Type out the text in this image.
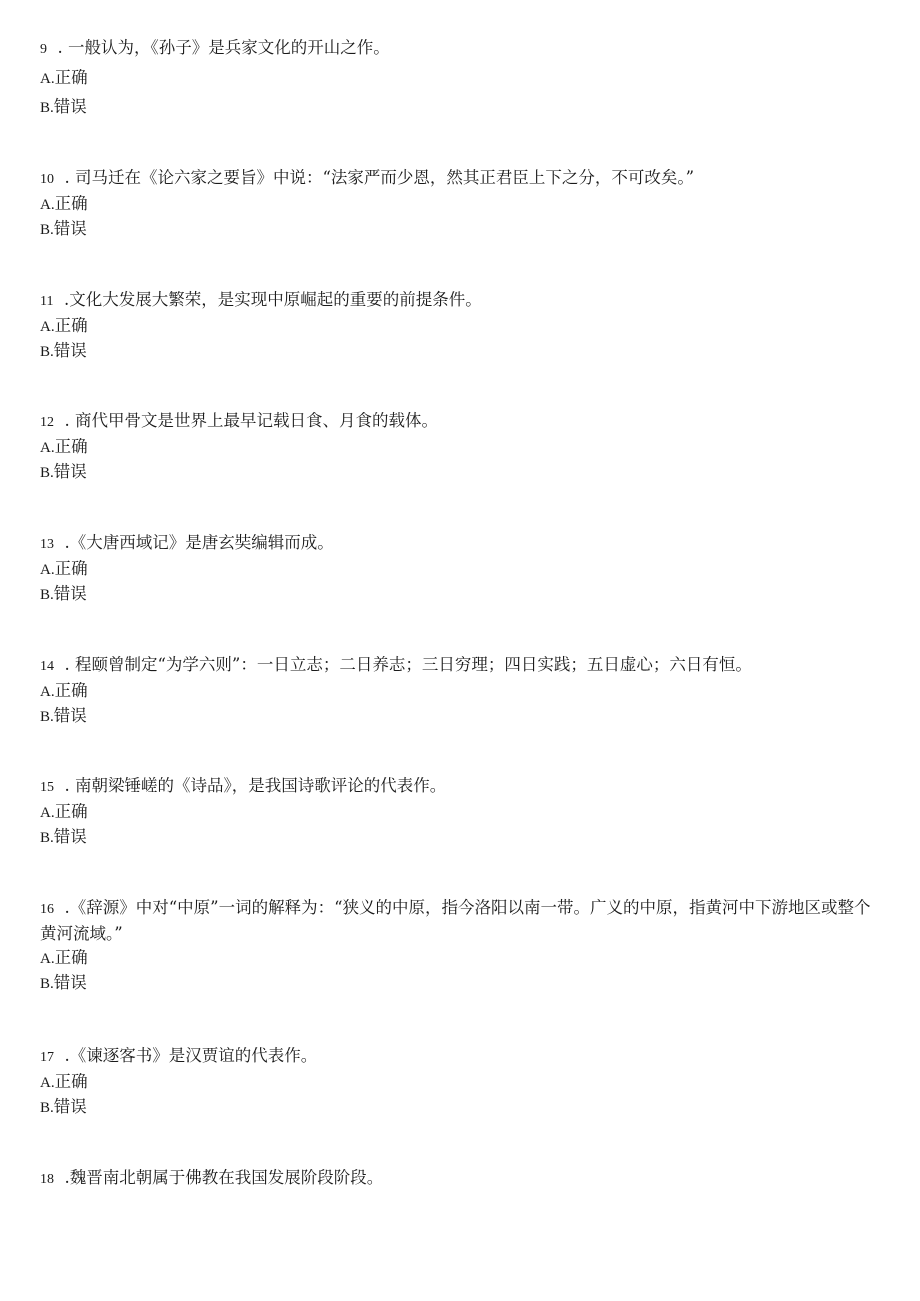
9  . 一般认为，《孙子》是兵家文化的开山之作。

A.正确

B.错误

10  . 司马迁在《论六家之要旨》中说：“法家严而少恩，然其正君臣上下之分，不可改矣。”

A.正确

B.错误

11  .文化大发展大繁荣，是实现中原崛起的重要的前提条件。

A.正确

B.错误

12  . 商代甲骨文是世界上最早记载日食、月食的载体。

A.正确

B.错误

13  .《大唐西域记》是唐玄奘编辑而成。

A.正确

B.错误

14  . 程颐曾制定“为学六则”：一日立志；二日养志；三日穷理；四日实践；五日虚心；六日有恒。

A.正确

B.错误

15  . 南朝梁锤嵯的《诗品》，是我国诗歌评论的代表作。

A.正确

B.错误

16  .《辞源》中对“中原”一词的解释为：“狭义的中原，指今洛阳以南一带。广义的中原，指黄河中下游地区或整个黄河流域。”

A.正确

B.错误

17  .《谏逐客书》是汉贾谊的代表作。

A.正确

B.错误

18  .魏晋南北朝属于佛教在我国发展阶段阶段。
